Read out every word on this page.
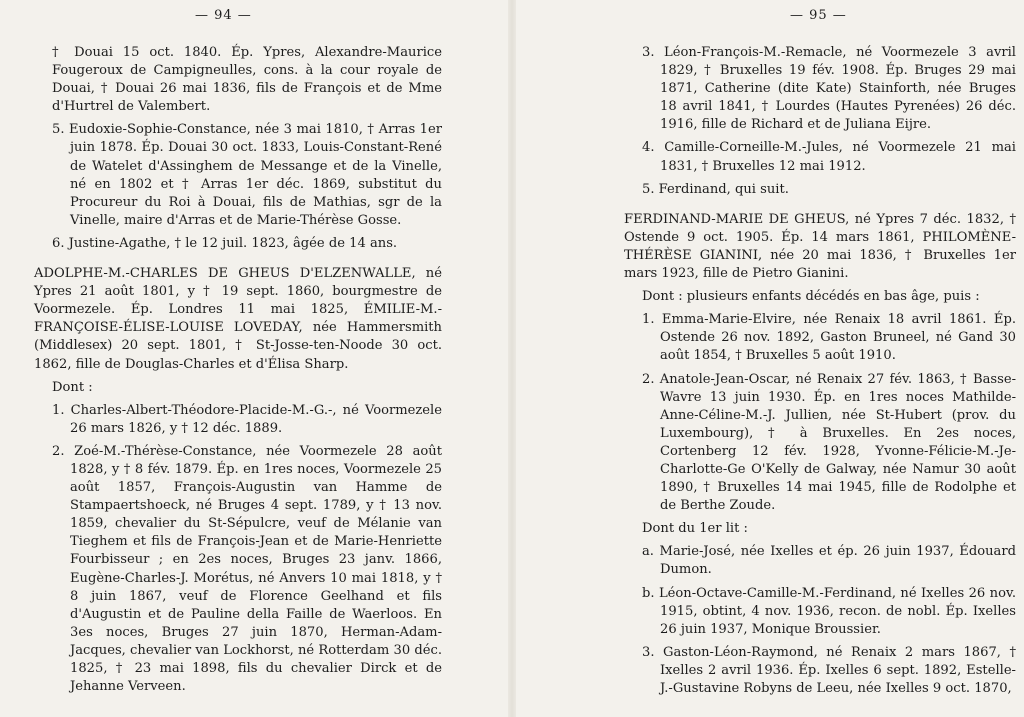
— 94 —

† Douai 15 oct. 1840. Ép. Ypres, Alexandre-Maurice Fougeroux de Campigneulles, cons. à la cour royale de Douai, † Douai 26 mai 1836, fils de François et de Mme d'Hurtrel de Valembert.

5. Eudoxie-Sophie-Constance, née 3 mai 1810, † Arras 1er juin 1878. Ép. Douai 30 oct. 1833, Louis-Constant-René de Watelet d'Assinghem de Messange et de la Vinelle, né en 1802 et † Arras 1er déc. 1869, substitut du Procureur du Roi à Douai, fils de Mathias, sgr de la Vinelle, maire d'Arras et de Marie-Thérèse Gosse.

6. Justine-Agathe, † le 12 juil. 1823, âgée de 14 ans.

ADOLPHE-M.-CHARLES DE GHEUS D'ELZENWALLE, né Ypres 21 août 1801, y † 19 sept. 1860, bourgmestre de Voormezele. Ép. Londres 11 mai 1825, ÉMILIE-M.-FRANÇOISE-ÉLISE-LOUISE LOVEDAY, née Hammersmith (Middlesex) 20 sept. 1801, † St-Josse-ten-Noode 30 oct. 1862, fille de Douglas-Charles et d'Élisa Sharp.

Dont :

1. Charles-Albert-Théodore-Placide-M.-G.-, né Voormezele 26 mars 1826, y † 12 déc. 1889.

2. Zoé-M.-Thérèse-Constance, née Voormezele 28 août 1828, y † 8 fév. 1879. Ép. en 1res noces, Voormezele 25 août 1857, François-Augustin van Hamme de Stampaertshoeck, né Bruges 4 sept. 1789, y † 13 nov. 1859, chevalier du St-Sépulcre, veuf de Mélanie van Tieghem et fils de François-Jean et de Marie-Henriette Fourbisseur ; en 2es noces, Bruges 23 janv. 1866, Eugène-Charles-J. Morétus, né Anvers 10 mai 1818, y † 8 juin 1867, veuf de Florence Geelhand et fils d'Augustin et de Pauline della Faille de Waerloos. En 3es noces, Bruges 27 juin 1870, Herman-Adam-Jacques, chevalier van Lockhorst, né Rotterdam 30 déc. 1825, † 23 mai 1898, fils du chevalier Dirck et de Jehanne Verveen.

— 95 —

3. Léon-François-M.-Remacle, né Voormezele 3 avril 1829, † Bruxelles 19 fév. 1908. Ép. Bruges 29 mai 1871, Catherine (dite Kate) Stainforth, née Bruges 18 avril 1841, † Lourdes (Hautes Pyrenées) 26 déc. 1916, fille de Richard et de Juliana Eijre.

4. Camille-Corneille-M.-Jules, né Voormezele 21 mai 1831, † Bruxelles 12 mai 1912.

5. Ferdinand, qui suit.

FERDINAND-MARIE DE GHEUS, né Ypres 7 déc. 1832, † Ostende 9 oct. 1905. Ép. 14 mars 1861, PHILOMÈNE-THÉRÈSE GIANINI, née 20 mai 1836, † Bruxelles 1er mars 1923, fille de Pietro Gianini.

Dont : plusieurs enfants décédés en bas âge, puis :

1. Emma-Marie-Elvire, née Renaix 18 avril 1861. Ép. Ostende 26 nov. 1892, Gaston Bruneel, né Gand 30 août 1854, † Bruxelles 5 août 1910.

2. Anatole-Jean-Oscar, né Renaix 27 fév. 1863, † Basse-Wavre 13 juin 1930. Ép. en 1res noces Mathilde-Anne-Céline-M.-J. Jullien, née St-Hubert (prov. du Luxembourg), † à Bruxelles. En 2es noces, Cortenberg 12 fév. 1928, Yvonne-Félicie-M.-Je-Charlotte-Ge O'Kelly de Galway, née Namur 30 août 1890, † Bruxelles 14 mai 1945, fille de Rodolphe et de Berthe Zoude.

Dont du 1er lit :

a. Marie-José, née Ixelles et ép. 26 juin 1937, Édouard Dumon.

b. Léon-Octave-Camille-M.-Ferdinand, né Ixelles 26 nov. 1915, obtint, 4 nov. 1936, recon. de nobl. Ép. Ixelles 26 juin 1937, Monique Broussier.

3. Gaston-Léon-Raymond, né Renaix 2 mars 1867, † Ixelles 2 avril 1936. Ép. Ixelles 6 sept. 1892, Estelle-J.-Gustavine Robyns de Leeu, née Ixelles 9 oct. 1870,
